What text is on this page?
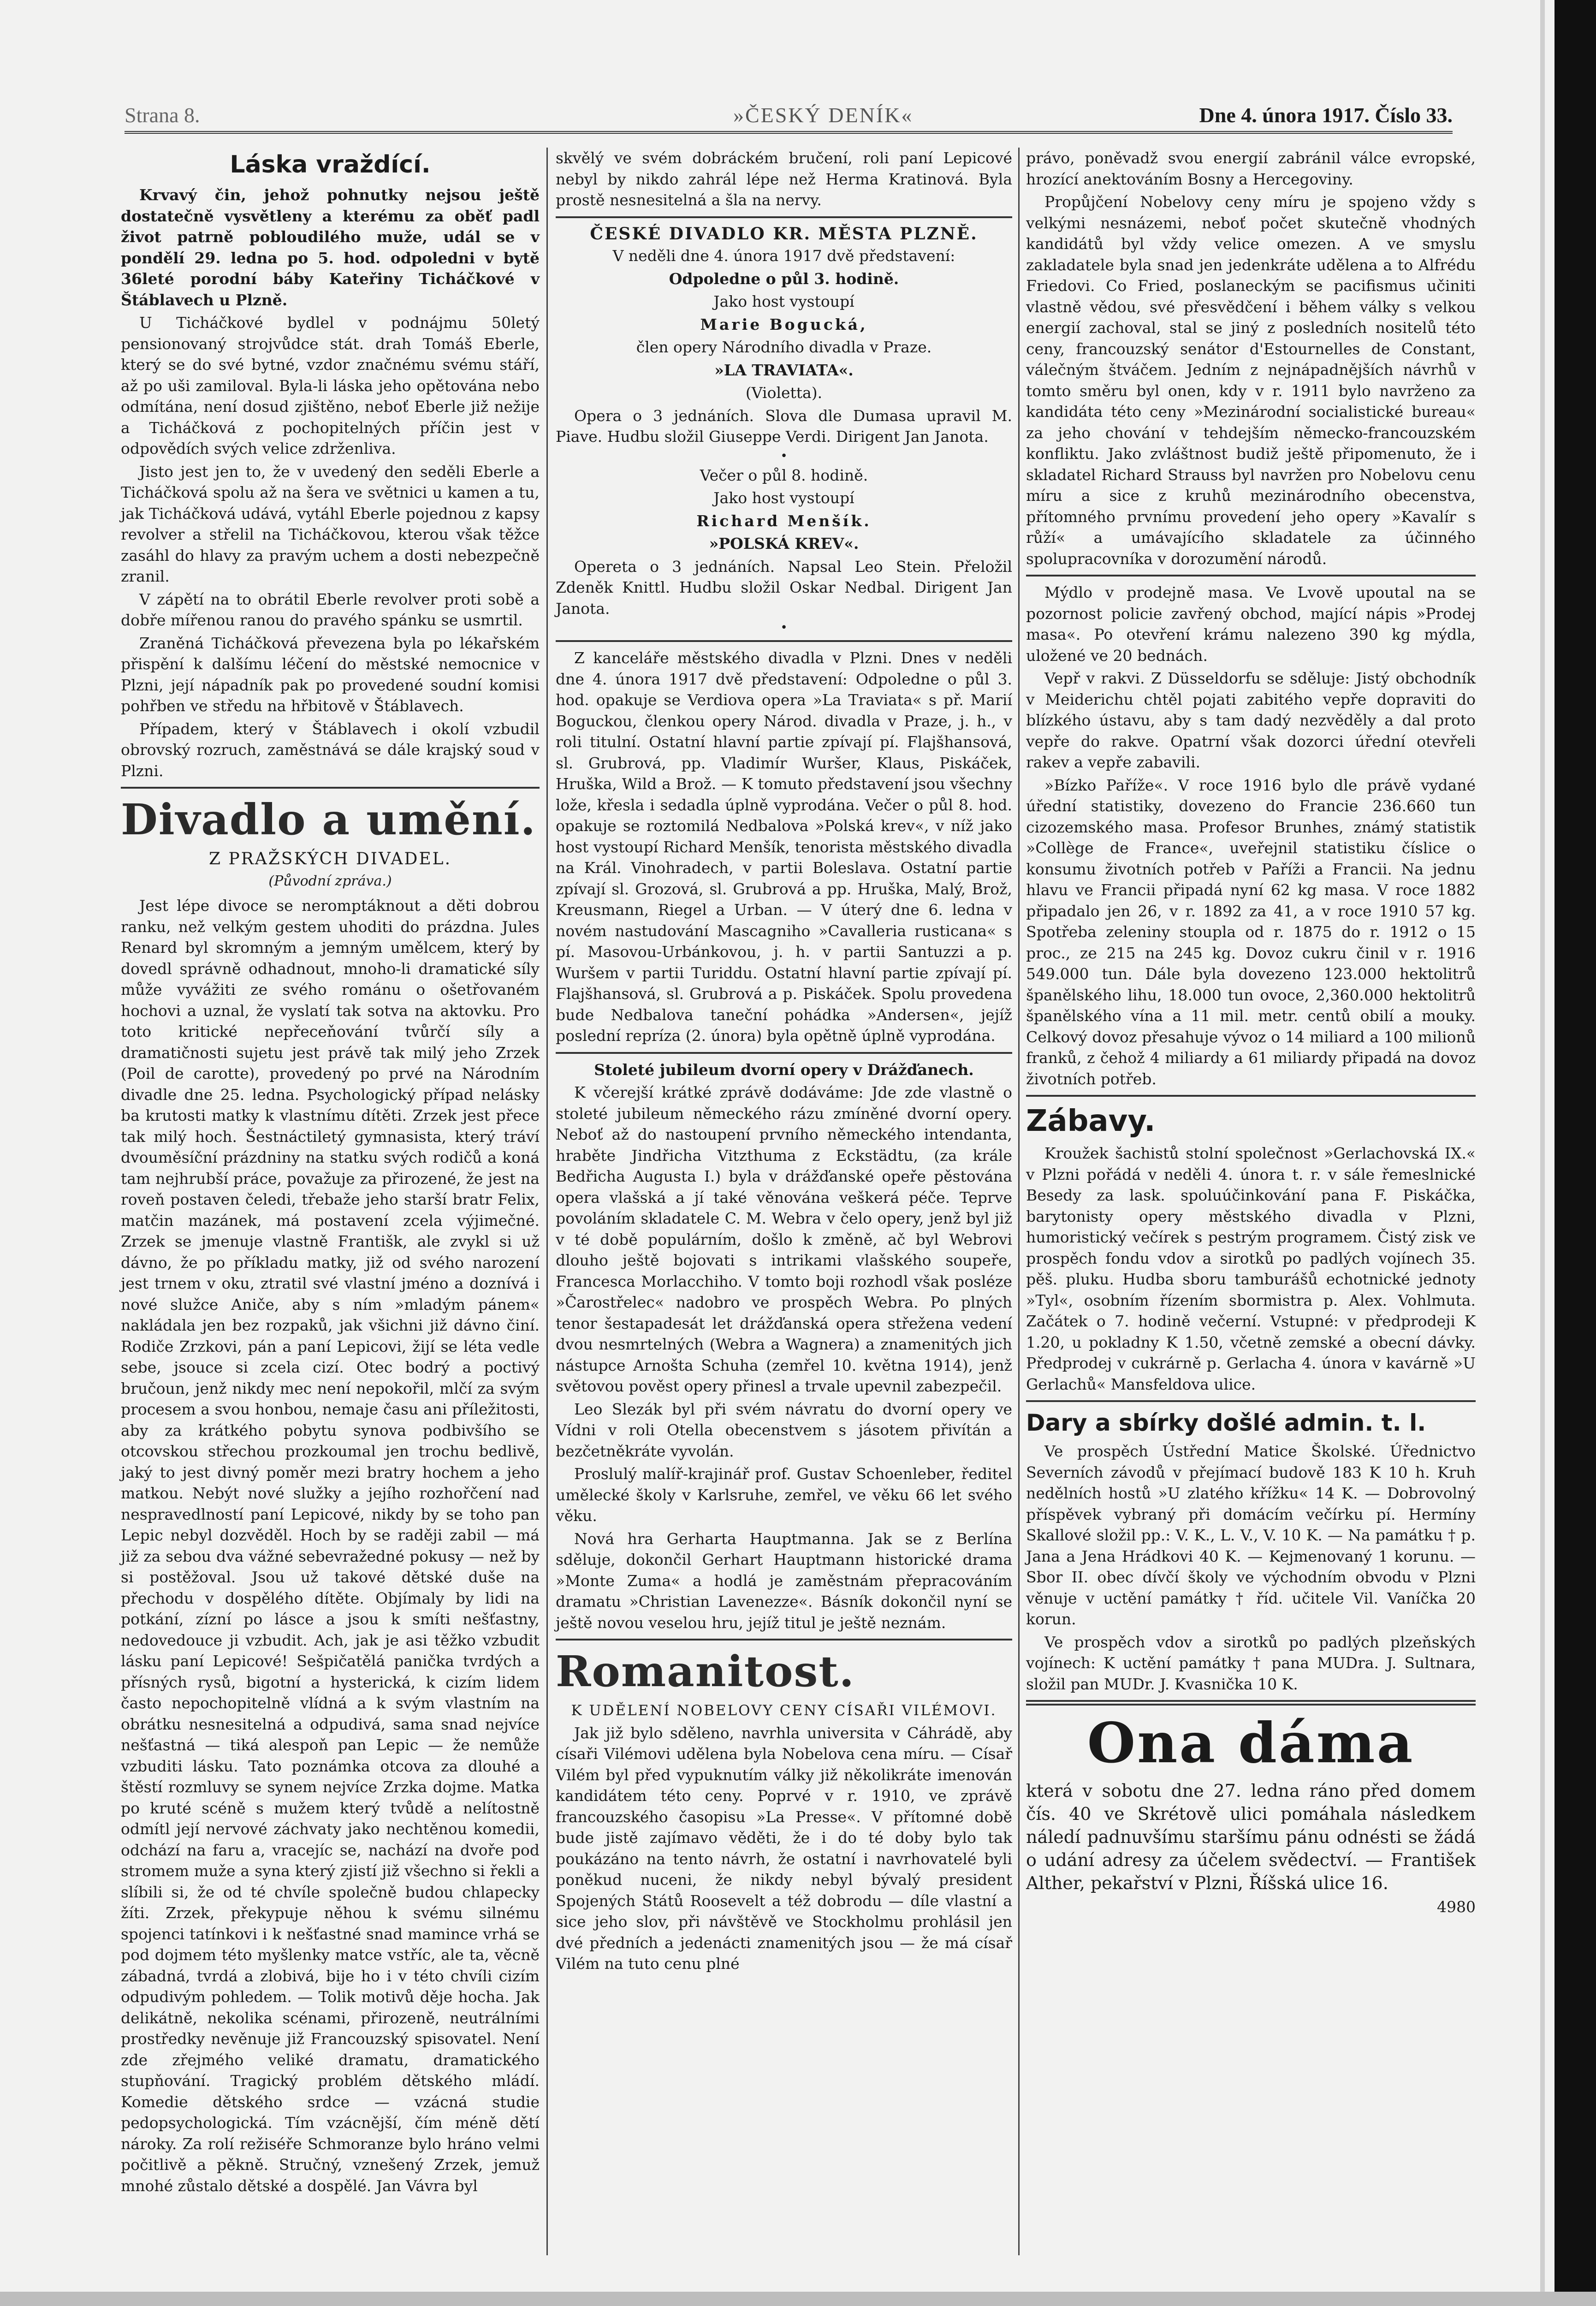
Strana 8.	»ČESKÝ DENÍK«	Dne 4. února 1917. Číslo 33.
Láska vraždící.

Krvavý čin, jehož pohnutky nejsou ještě dostatečně vysvětleny a kterému za oběť padl život patrně pobloudilého muže, udál se v pondělí 29. ledna po 5. hod. odpoledni v bytě 36leté porodní báby Kateřiny Ticháčkové v Štáblavech u Plzně.

U Ticháčkové bydlel v podnájmu 50letý pensionovaný strojvůdce stát. drah Tomáš Eberle, který se do své bytné, vzdor značnému svému stáří, až po uši zamiloval. Byla-li láska jeho opětována nebo odmítána, není dosud zjištěno, neboť Eberle již nežije a Ticháčková z pochopitelných příčin jest v odpovědích svých velice zdrženliva.

Jisto jest jen to, že v uvedený den seděli Eberle a Ticháčková spolu až na šera ve světnici u kamen a tu, jak Ticháčková udává, vytáhl Eberle pojednou z kapsy revolver a střelil na Ticháčkovou, kterou však těžce zasáhl do hlavy za pravým uchem a dosti nebezpečně zranil.

V zápětí na to obrátil Eberle revolver proti sobě a dobře mířenou ranou do pravého spánku se usmrtil.

Zraněná Ticháčková převezena byla po lékařském přispění k dalšímu léčení do městské nemocnice v Plzni, její nápadník pak po provedené soudní komisi pohřben ve středu na hřbitově v Štáblavech.

Případem, který v Štáblavech i okolí vzbudil obrovský rozruch, zaměstnává se dále krajský soud v Plzni.

Divadlo a umění.
Z PRAŽSKÝCH DIVADEL.
(Původní zpráva.)

Jest lépe divoce se neromptáknout a děti dobrou ranku, než velkým gestem uhoditi do prázdna. Jules Renard byl skromným a jemným umělcem, který by dovedl správně odhadnout, mnoho-li dramatické síly může vyvážiti ze svého románu o ošetřovaném hochovi a uznal, že vyslatí tak sotva na aktovku. Pro toto kritické nepřeceňování tvůrčí síly a dramatičnosti sujetu jest právě tak milý jeho Zrzek (Poil de carotte), provedený po prvé na Národním divadle dne 25. ledna. Psychologický případ nelásky ba krutosti matky k vlastnímu dítěti. Zrzek jest přece tak milý hoch. Šestnáctiletý gymnasista, který tráví dvouměsíční prázdniny na statku svých rodičů a koná tam nejhrubší práce, považuje za přirozené, že jest na roveň postaven čeledi, třebaže jeho starší bratr Felix, matčin mazánek, má postavení zcela výjimečné. Zrzek se jmenuje vlastně Františk, ale zvykl si už dávno, že po příkladu matky, již od svého narození jest trnem v oku, ztratil své vlastní jméno a doznívá i nové služce Aniče, aby s ním »mladým pánem« nakládala jen bez rozpaků, jak všichni již dávno činí. Rodiče Zrzkovi, pán a paní Lepicovi, žijí se léta vedle sebe, jsouce si zcela cizí. Otec bodrý a poctivý bručoun, jenž nikdy mec není nepokořil, mlčí za svým procesem a svou honbou, nemaje času ani příležitosti, aby za krátkého pobytu synova podbivšího se otcovskou střechou prozkoumal jen trochu bedlivě, jaký to jest divný poměr mezi bratry hochem a jeho matkou. Nebýt nové služky a jejího rozhořčení nad nespravedlností paní Lepicové, nikdy by se toho pan Lepic nebyl dozvěděl. Hoch by se raději zabil — má již za sebou dva vážné sebevražedné pokusy — než by si postěžoval. Jsou už takové dětské duše na přechodu v dospělého dítěte. Objímaly by lidi na potkání, zízní po lásce a jsou k smíti nešťastny, nedovedouce ji vzbudit. Ach, jak je asi těžko vzbudit lásku paní Lepicové! Sešpičatělá panička tvrdých a přísných rysů, bigotní a hysterická, k cizím lidem často nepochopitelně vlídná a k svým vlastním na obrátku nesnesitelná a odpudivá, sama snad nejvíce nešťastná — tiká alespoň pan Lepic — že nemůže vzbuditi lásku. Tato poznámka otcova za dlouhé a štěstí rozmluvy se synem nejvíce Zrzka dojme. Matka po kruté scéně s mužem který tvůdě a nelítostně odmítl její nervové záchvaty jako nechtěnou komedii, odchází na faru a, vracejíc se, nachází na dvoře pod stromem muže a syna který zjistí již všechno si řekli a slíbili si, že od té chvíle společně budou chlapecky žíti. Zrzek, překypuje něhou k svému silnému spojenci tatínkovi i k nešťastné snad mamince vrhá se pod dojmem této myšlenky matce vstříc, ale ta, věcně zábadná, tvrdá a zlobivá, bije ho i v této chvíli cizím odpudivým pohledem. — Tolik motivů děje hocha. Jak delikátně, nekolika scénami, přirozeně, neutrálními prostředky nevěnuje již Francouzský spisovatel. Není zde zřejmého veliké dramatu, dramatického stupňování. Tragický problém dětského mládí. Komedie dětského srdce — vzácná studie pedopsychologická. Tím vzácnější, čím méně dětí nároky. Za rolí režiséře Schmoranze bylo hráno velmi počitlivě a pěkně. Stručný, vznešený Zrzek, jemuž mnohé zůstalo dětské a dospělé. Jan Vávra byl

skvělý ve svém dobráckém bručení, roli paní Lepicové nebyl by nikdo zahrál lépe než Herma Kratinová. Byla prostě nesnesitelná a šla na nervy.

ČESKÉ DIVADLO KR. MĚSTA PLZNĚ.

V neděli dne 4. února 1917 dvě představení:

Odpoledne o půl 3. hodině.

Jako host vystoupí

Marie Bogucká,

člen opery Národního divadla v Praze.

»LA TRAVIATA«.

(Violetta).

Opera o 3 jednáních. Slova dle Dumasa upravil M. Piave. Hudbu složil Giuseppe Verdi. Dirigent Jan Janota.

•

Večer o půl 8. hodině.

Jako host vystoupí

Richard Menšík.

»POLSKÁ KREV«.

Opereta o 3 jednáních. Napsal Leo Stein. Přeložil Zdeněk Knittl. Hudbu složil Oskar Nedbal. Dirigent Jan Janota.

•

Z kanceláře městského divadla v Plzni. Dnes v neděli dne 4. února 1917 dvě představení: Odpoledne o půl 3. hod. opakuje se Verdiova opera »La Traviata« s př. Marií Boguckou, členkou opery Národ. divadla v Praze, j. h., v roli titulní. Ostatní hlavní partie zpívají pí. Flajšhansová, sl. Grubrová, pp. Vladimír Wuršer, Klaus, Piskáček, Hruška, Wild a Brož. — K tomuto představení jsou všechny lože, křesla i sedadla úplně vyprodána. Večer o půl 8. hod. opakuje se roztomilá Nedbalova »Polská krev«, v níž jako host vystoupí Richard Menšík, tenorista městského divadla na Král. Vinohradech, v partii Boleslava. Ostatní partie zpívají sl. Grozová, sl. Grubrová a pp. Hruška, Malý, Brož, Kreusmann, Riegel a Urban. — V úterý dne 6. ledna v novém nastudování Mascagniho »Cavalleria rusticana« s pí. Masovou-Urbánkovou, j. h. v partii Santuzzi a p. Wuršem v partii Turiddu. Ostatní hlavní partie zpívají pí. Flajšhansová, sl. Grubrová a p. Piskáček. Spolu provedena bude Nedbalova taneční pohádka »Andersen«, jejíž poslední repríza (2. února) byla opětně úplně vyprodána.

Stoleté jubileum dvorní opery v Drážďanech.

K včerejší krátké zprávě dodáváme: Jde zde vlastně o stoleté jubileum německého rázu zmíněné dvorní opery. Neboť až do nastoupení prvního německého intendanta, hraběte Jindřicha Vitzthuma z Eckstädtu, (za krále Bedřicha Augusta I.) byla v drážďanské opeře pěstována opera vlašská a jí také věnována veškerá péče. Teprve povoláním skladatele C. M. Webra v čelo opery, jenž byl již v té době populárním, došlo k změně, ač byl Webrovi dlouho ještě bojovati s intrikami vlašského soupeře, Francesca Morlacchiho. V tomto boji rozhodl však posléze »Čarostřelec« nadobro ve prospěch Webra. Po plných tenor šestapadesát let drážďanská opera střežena vedení dvou nesmrtelných (Webra a Wagnera) a znamenitých jich nástupce Arnošta Schuha (zemřel 10. května 1914), jenž světovou pověst opery přinesl a trvale upevnil zabezpečil.

Leo Slezák byl při svém návratu do dvorní opery ve Vídni v roli Otella obecenstvem s jásotem přivítán a bezčetněkráte vyvolán.

Proslulý malíř-krajinář prof. Gustav Schoenleber, ředitel umělecké školy v Karlsruhe, zemřel, ve věku 66 let svého věku.

Nová hra Gerharta Hauptmanna. Jak se z Berlína sděluje, dokončil Gerhart Hauptmann historické drama »Monte Zuma« a hodlá je zaměstnám přepracováním dramatu »Christian Lavenezze«. Básník dokončil nyní se ještě novou veselou hru, jejíž titul je ještě neznám.

Romanitost.
K UDĚLENÍ NOBELOVY CENY CÍSAŘI VILÉMOVI.

Jak již bylo sděleno, navrhla universita v Cáhrádě, aby císaři Vilémovi udělena byla Nobelova cena míru. — Císař Vilém byl před vypuknutím války již několikráte imenován kandidátem této ceny. Poprvé v r. 1910, ve zprávě francouzského časopisu »La Presse«. V přítomné době bude jistě zajímavo věděti, že i do té doby bylo tak poukázáno na tento návrh, že ostatní i navrhovatelé byli poněkud nuceni, že nikdy nebyl bývalý president Spojených Států Roosevelt a též dobrodu — díle vlastní a sice jeho slov, při návštěvě ve Stockholmu prohlásil jen dvé předních a jedenácti znamenitých jsou — že má císař Vilém na tuto cenu plné

právo, poněvadž svou energií zabránil válce evropské, hrozící anektováním Bosny a Hercegoviny.

Propůjčení Nobelovy ceny míru je spojeno vždy s velkými nesnázemi, neboť počet skutečně vhodných kandidátů byl vždy velice omezen. A ve smyslu zakladatele byla snad jen jedenkráte udělena a to Alfrédu Friedovi. Co Fried, poslaneckým se pacifismus učiniti vlastně vědou, své přesvědčení i během války s velkou energií zachoval, stal se jiný z posledních nositelů této ceny, francouzský senátor d'Estournelles de Constant, válečným štváčem. Jedním z nejnápadnějších návrhů v tomto směru byl onen, kdy v r. 1911 bylo navrženo za kandidáta této ceny »Mezinárodní socialistické bureau« za jeho chování v tehdejším německo-francouzském konfliktu. Jako zvláštnost budiž ještě připomenuto, že i skladatel Richard Strauss byl navržen pro Nobelovu cenu míru a sice z kruhů mezinárodního obecenstva, přítomného prvnímu provedení jeho opery »Kavalír s růží« a umávajícího skladatele za účinného spolupracovníka v dorozumění národů.

Mýdlo v prodejně masa. Ve Lvově upoutal na se pozornost policie zavřený obchod, mající nápis »Prodej masa«. Po otevření krámu nalezeno 390 kg mýdla, uložené ve 20 bednách.

Vepř v rakvi. Z Düsseldorfu se sděluje: Jistý obchodník v Meiderichu chtěl pojati zabitého vepře dopraviti do blízkého ústavu, aby s tam dadý nezvěděly a dal proto vepře do rakve. Opatrní však dozorci úřední otevřeli rakev a vepře zabavili.

»Bízko Paříže«. V roce 1916 bylo dle právě vydané úřední statistiky, dovezeno do Francie 236.660 tun cizozemského masa. Profesor Brunhes, známý statistik »Collège de France«, uveřejnil statistiku číslice o konsumu životních potřeb v Paříži a Francii. Na jednu hlavu ve Francii připadá nyní 62 kg masa. V roce 1882 připadalo jen 26, v r. 1892 za 41, a v roce 1910 57 kg. Spotřeba zeleniny stoupla od r. 1875 do r. 1912 o 15 proc., ze 215 na 245 kg. Dovoz cukru činil v r. 1916 549.000 tun. Dále byla dovezeno 123.000 hektolitrů španělského lihu, 18.000 tun ovoce, 2,360.000 hektolitrů španělského vína a 11 mil. metr. centů obilí a mouky. Celkový dovoz přesahuje vývoz o 14 miliard a 100 milionů franků, z čehož 4 miliardy a 61 miliardy připadá na dovoz životních potřeb.

Zábavy.

Kroužek šachistů stolní společnost »Gerlachovská IX.« v Plzni pořádá v neděli 4. února t. r. v sále řemeslnické Besedy za lask. spoluúčinkování pana F. Piskáčka, barytonisty opery městského divadla v Plzni, humoristický večírek s pestrým programem. Čistý zisk ve prospěch fondu vdov a sirotků po padlých vojínech 35. pěš. pluku. Hudba sboru tamburášů echotnické jednoty »Tyl«, osobním řízením sbormistra p. Alex. Vohlmuta. Začátek o 7. hodině večerní. Vstupné: v předprodeji K 1.20, u pokladny K 1.50, včetně zemské a obecní dávky. Předprodej v cukrárně p. Gerlacha 4. února v kavárně »U Gerlachů« Mansfeldova ulice.

Dary a sbírky došlé admin. t. l.

Ve prospěch Ústřední Matice Školské. Úřednictvo Severních závodů v přejímací budově 183 K 10 h. Kruh nedělních hostů »U zlatého křížku« 14 K. — Dobrovolný příspěvek vybraný při domácím večírku pí. Hermíny Skallové složil pp.: V. K., L. V., V. 10 K. — Na památku † p. Jana a Jena Hrádkovi 40 K. — Kejmenovaný 1 korunu. — Sbor II. obec dívčí školy ve východním obvodu v Plzni věnuje v uctění památky † říd. učitele Vil. Vaníčka 20 korun.

Ve prospěch vdov a sirotků po padlých plzeňských vojínech: K uctění památky † pana MUDra. J. Sultnara, složil pan MUDr. J. Kvasnička 10 K.

Ona dáma

která v sobotu dne 27. ledna ráno před domem čís. 40 ve Skrétově ulici pomáhala následkem náledí padnuvšímu staršímu pánu odnésti se žádá o udání adresy za účelem svědectví. — František Alther, pekařství v Plzni, Říšská ulice 16.

4980
